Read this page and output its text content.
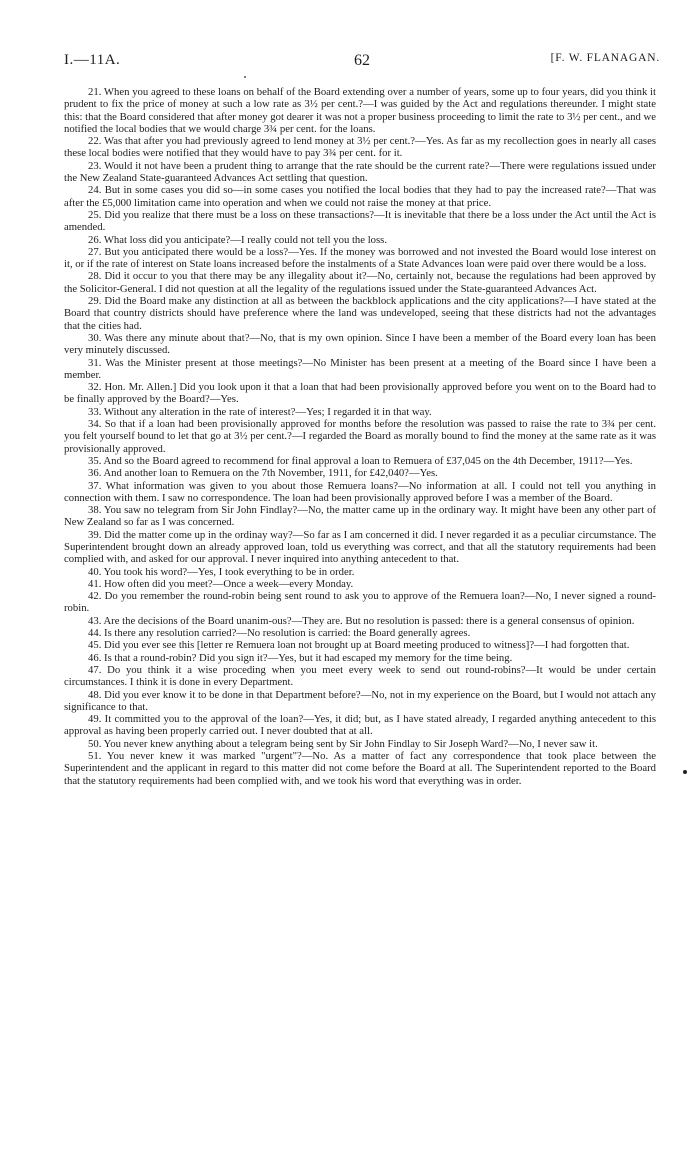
I.—11A.	62	[F. W. FLANAGAN.

21. When you agreed to these loans on behalf of the Board extending over a number of years, some up to four years, did you think it prudent to fix the price of money at such a low rate as 3½ per cent.?—I was guided by the Act and regulations thereunder. I might state this: that the Board considered that after money got dearer it was not a proper business proceeding to limit the rate to 3½ per cent., and we notified the local bodies that we would charge 3¾ per cent. for the loans.

22. Was that after you had previously agreed to lend money at 3½ per cent.?—Yes. As far as my recollection goes in nearly all cases these local bodies were notified that they would have to pay 3¾ per cent. for it.

23. Would it not have been a prudent thing to arrange that the rate should be the current rate?—There were regulations issued under the New Zealand State-guaranteed Advances Act settling that question.

24. But in some cases you did so—in some cases you notified the local bodies that they had to pay the increased rate?—That was after the £5,000 limitation came into operation and when we could not raise the money at that price.

25. Did you realize that there must be a loss on these transactions?—It is inevitable that there be a loss under the Act until the Act is amended.

26. What loss did you anticipate?—I really could not tell you the loss.

27. But you anticipated there would be a loss?—Yes. If the money was borrowed and not invested the Board would lose interest on it, or if the rate of interest on State loans increased before the instalments of a State Advances loan were paid over there would be a loss.

28. Did it occur to you that there may be any illegality about it?—No, certainly not, because the regulations had been approved by the Solicitor-General. I did not question at all the legality of the regulations issued under the State-guaranteed Advances Act.

29. Did the Board make any distinction at all as between the backblock applications and the city applications?—I have stated at the Board that country districts should have preference where the land was undeveloped, seeing that these districts had not the advantages that the cities had.

30. Was there any minute about that?—No, that is my own opinion. Since I have been a member of the Board every loan has been very minutely discussed.

31. Was the Minister present at those meetings?—No Minister has been present at a meeting of the Board since I have been a member.

32. Hon. Mr. Allen.] Did you look upon it that a loan that had been provisionally approved before you went on to the Board had to be finally approved by the Board?—Yes.

33. Without any alteration in the rate of interest?—Yes; I regarded it in that way.

34. So that if a loan had been provisionally approved for months before the resolution was passed to raise the rate to 3¾ per cent. you felt yourself bound to let that go at 3½ per cent.?—I regarded the Board as morally bound to find the money at the same rate as it was provisionally approved.

35. And so the Board agreed to recommend for final approval a loan to Remuera of £37,045 on the 4th December, 1911?—Yes.

36. And another loan to Remuera on the 7th November, 1911, for £42,040?—Yes.

37. What information was given to you about those Remuera loans?—No information at all. I could not tell you anything in connection with them. I saw no correspondence. The loan had been provisionally approved before I was a member of the Board.

38. You saw no telegram from Sir John Findlay?—No, the matter came up in the ordinary way. It might have been any other part of New Zealand so far as I was concerned.

39. Did the matter come up in the ordinay way?—So far as I am concerned it did. I never regarded it as a peculiar circumstance. The Superintendent brought down an already approved loan, told us everything was correct, and that all the statutory requirements had been complied with, and asked for our approval. I never inquired into anything antecedent to that.

40. You took his word?—Yes, I took everything to be in order.

41. How often did you meet?—Once a week—every Monday.

42. Do you remember the round-robin being sent round to ask you to approve of the Remuera loan?—No, I never signed a round-robin.

43. Are the decisions of the Board unanim-ous?—They are. But no resolution is passed: there is a general consensus of opinion.

44. Is there any resolution carried?—No resolution is carried: the Board generally agrees.

45. Did you ever see this [letter re Remuera loan not brought up at Board meeting produced to witness]?—I had forgotten that.

46. Is that a round-robin? Did you sign it?—Yes, but it had escaped my memory for the time being.

47. Do you think it a wise proceding when you meet every week to send out round-robins?—It would be under certain circumstances. I think it is done in every Department.

48. Did you ever know it to be done in that Department before?—No, not in my experience on the Board, but I would not attach any significance to that.

49. It committed you to the approval of the loan?—Yes, it did; but, as I have stated already, I regarded anything antecedent to this approval as having been properly carried out. I never doubted that at all.

50. You never knew anything about a telegram being sent by Sir John Findlay to Sir Joseph Ward?—No, I never saw it.

51. You never knew it was marked "urgent"?—No. As a matter of fact any correspondence that took place between the Superintendent and the applicant in regard to this matter did not come before the Board at all. The Superintendent reported to the Board that the statutory requirements had been complied with, and we took his word that everything was in order.
